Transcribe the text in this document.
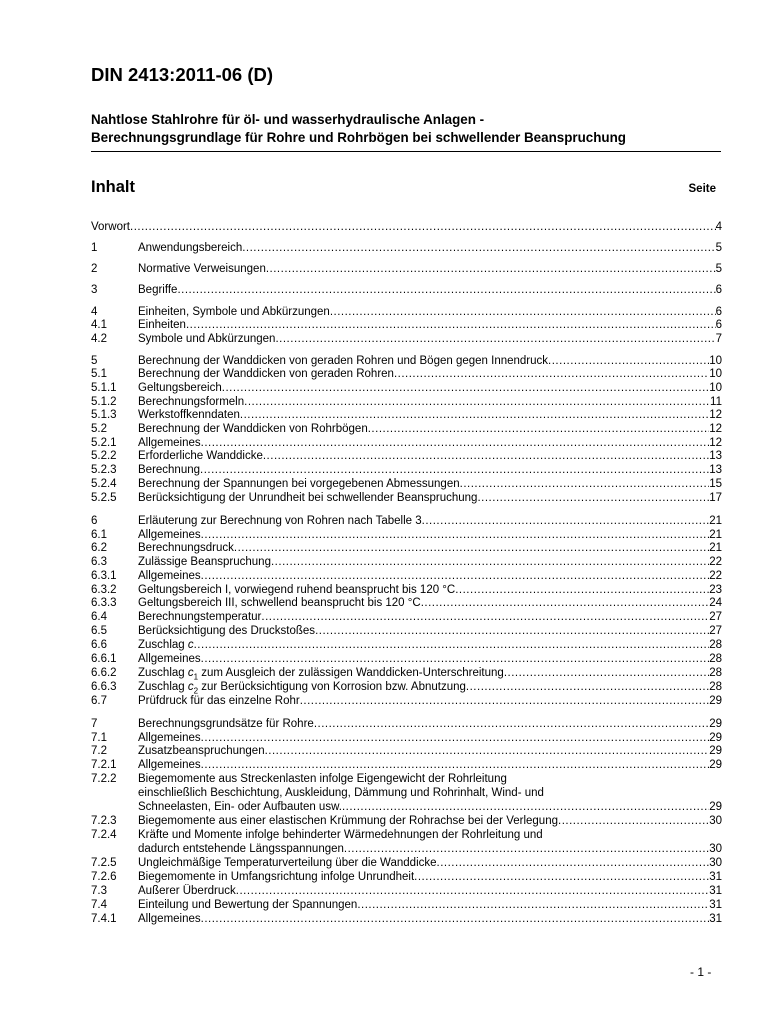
DIN 2413:2011-06 (D)
Nahtlose Stahlrohre für öl- und wasserhydraulische Anlagen -
Berechnungsgrundlage für Rohre und Rohrbögen bei schwellender Beanspruchung
Inhalt	Seite
Vorwort .....	4
1	Anwendungsbereich .....	5
2	Normative Verweisungen .....	5
3	Begriffe .....	6
4	Einheiten, Symbole und Abkürzungen .....	6
4.1	Einheiten .....	6
4.2	Symbole und Abkürzungen .....	7
5	Berechnung der Wanddicken von geraden Rohren und Bögen gegen Innendruck .....	10
5.1	Berechnung der Wanddicken von geraden Rohren .....	10
5.1.1	Geltungsbereich .....	10
5.1.2	Berechnungsformeln .....	11
5.1.3	Werkstoffkenndaten .....	12
5.2	Berechnung der Wanddicken von Rohrbögen .....	12
5.2.1	Allgemeines .....	12
5.2.2	Erforderliche Wanddicke .....	13
5.2.3	Berechnung .....	13
5.2.4	Berechnung der Spannungen bei vorgegebenen Abmessungen .....	15
5.2.5	Berücksichtigung der Unrundheit bei schwellender Beanspruchung .....	17
6	Erläuterung zur Berechnung von Rohren nach Tabelle 3 .....	21
6.1	Allgemeines .....	21
6.2	Berechnungsdruck .....	21
6.3	Zulässige Beanspruchung .....	22
6.3.1	Allgemeines .....	22
6.3.2	Geltungsbereich I, vorwiegend ruhend beansprucht bis 120 °C .....	23
6.3.3	Geltungsbereich III, schwellend beansprucht bis 120 °C .....	24
6.4	Berechnungstemperatur .....	27
6.5	Berücksichtigung des Druckstoßes .....	27
6.6	Zuschlag c .....	28
6.6.1	Allgemeines .....	28
6.6.2	Zuschlag $c_1$ zum Ausgleich der zulässigen Wanddicken-Unterschreitung .....	28
6.6.3	Zuschlag $c_2$ zur Berücksichtigung von Korrosion bzw. Abnutzung .....	28
6.7	Prüfdruck für das einzelne Rohr .....	29
7	Berechnungsgrundsätze für Rohre .....	29
7.1	Allgemeines .....	29
7.2	Zusatzbeanspruchungen .....	29
7.2.1	Allgemeines .....	29
7.2.2	Biegemomente aus Streckenlasten infolge Eigengewicht der Rohrleitung
einschließlich Beschichtung, Auskleidung, Dämmung und Rohrinhalt, Wind- und
Schneelasten, Ein- oder Aufbauten usw. .....	29
7.2.3	Biegemomente aus einer elastischen Krümmung der Rohrachse bei der Verlegung .....	30
7.2.4	Kräfte und Momente infolge behinderter Wärmedehnungen der Rohrleitung und
dadurch entstehende Längsspannungen .....	30
7.2.5	Ungleichmäßige Temperaturverteilung über die Wanddicke .....	30
7.2.6	Biegemomente in Umfangsrichtung infolge Unrundheit .....	31
7.3	Außerer Überdruck .....	31
7.4	Einteilung und Bewertung der Spannungen .....	31
7.4.1	Allgemeines .....	31
- 1 -
